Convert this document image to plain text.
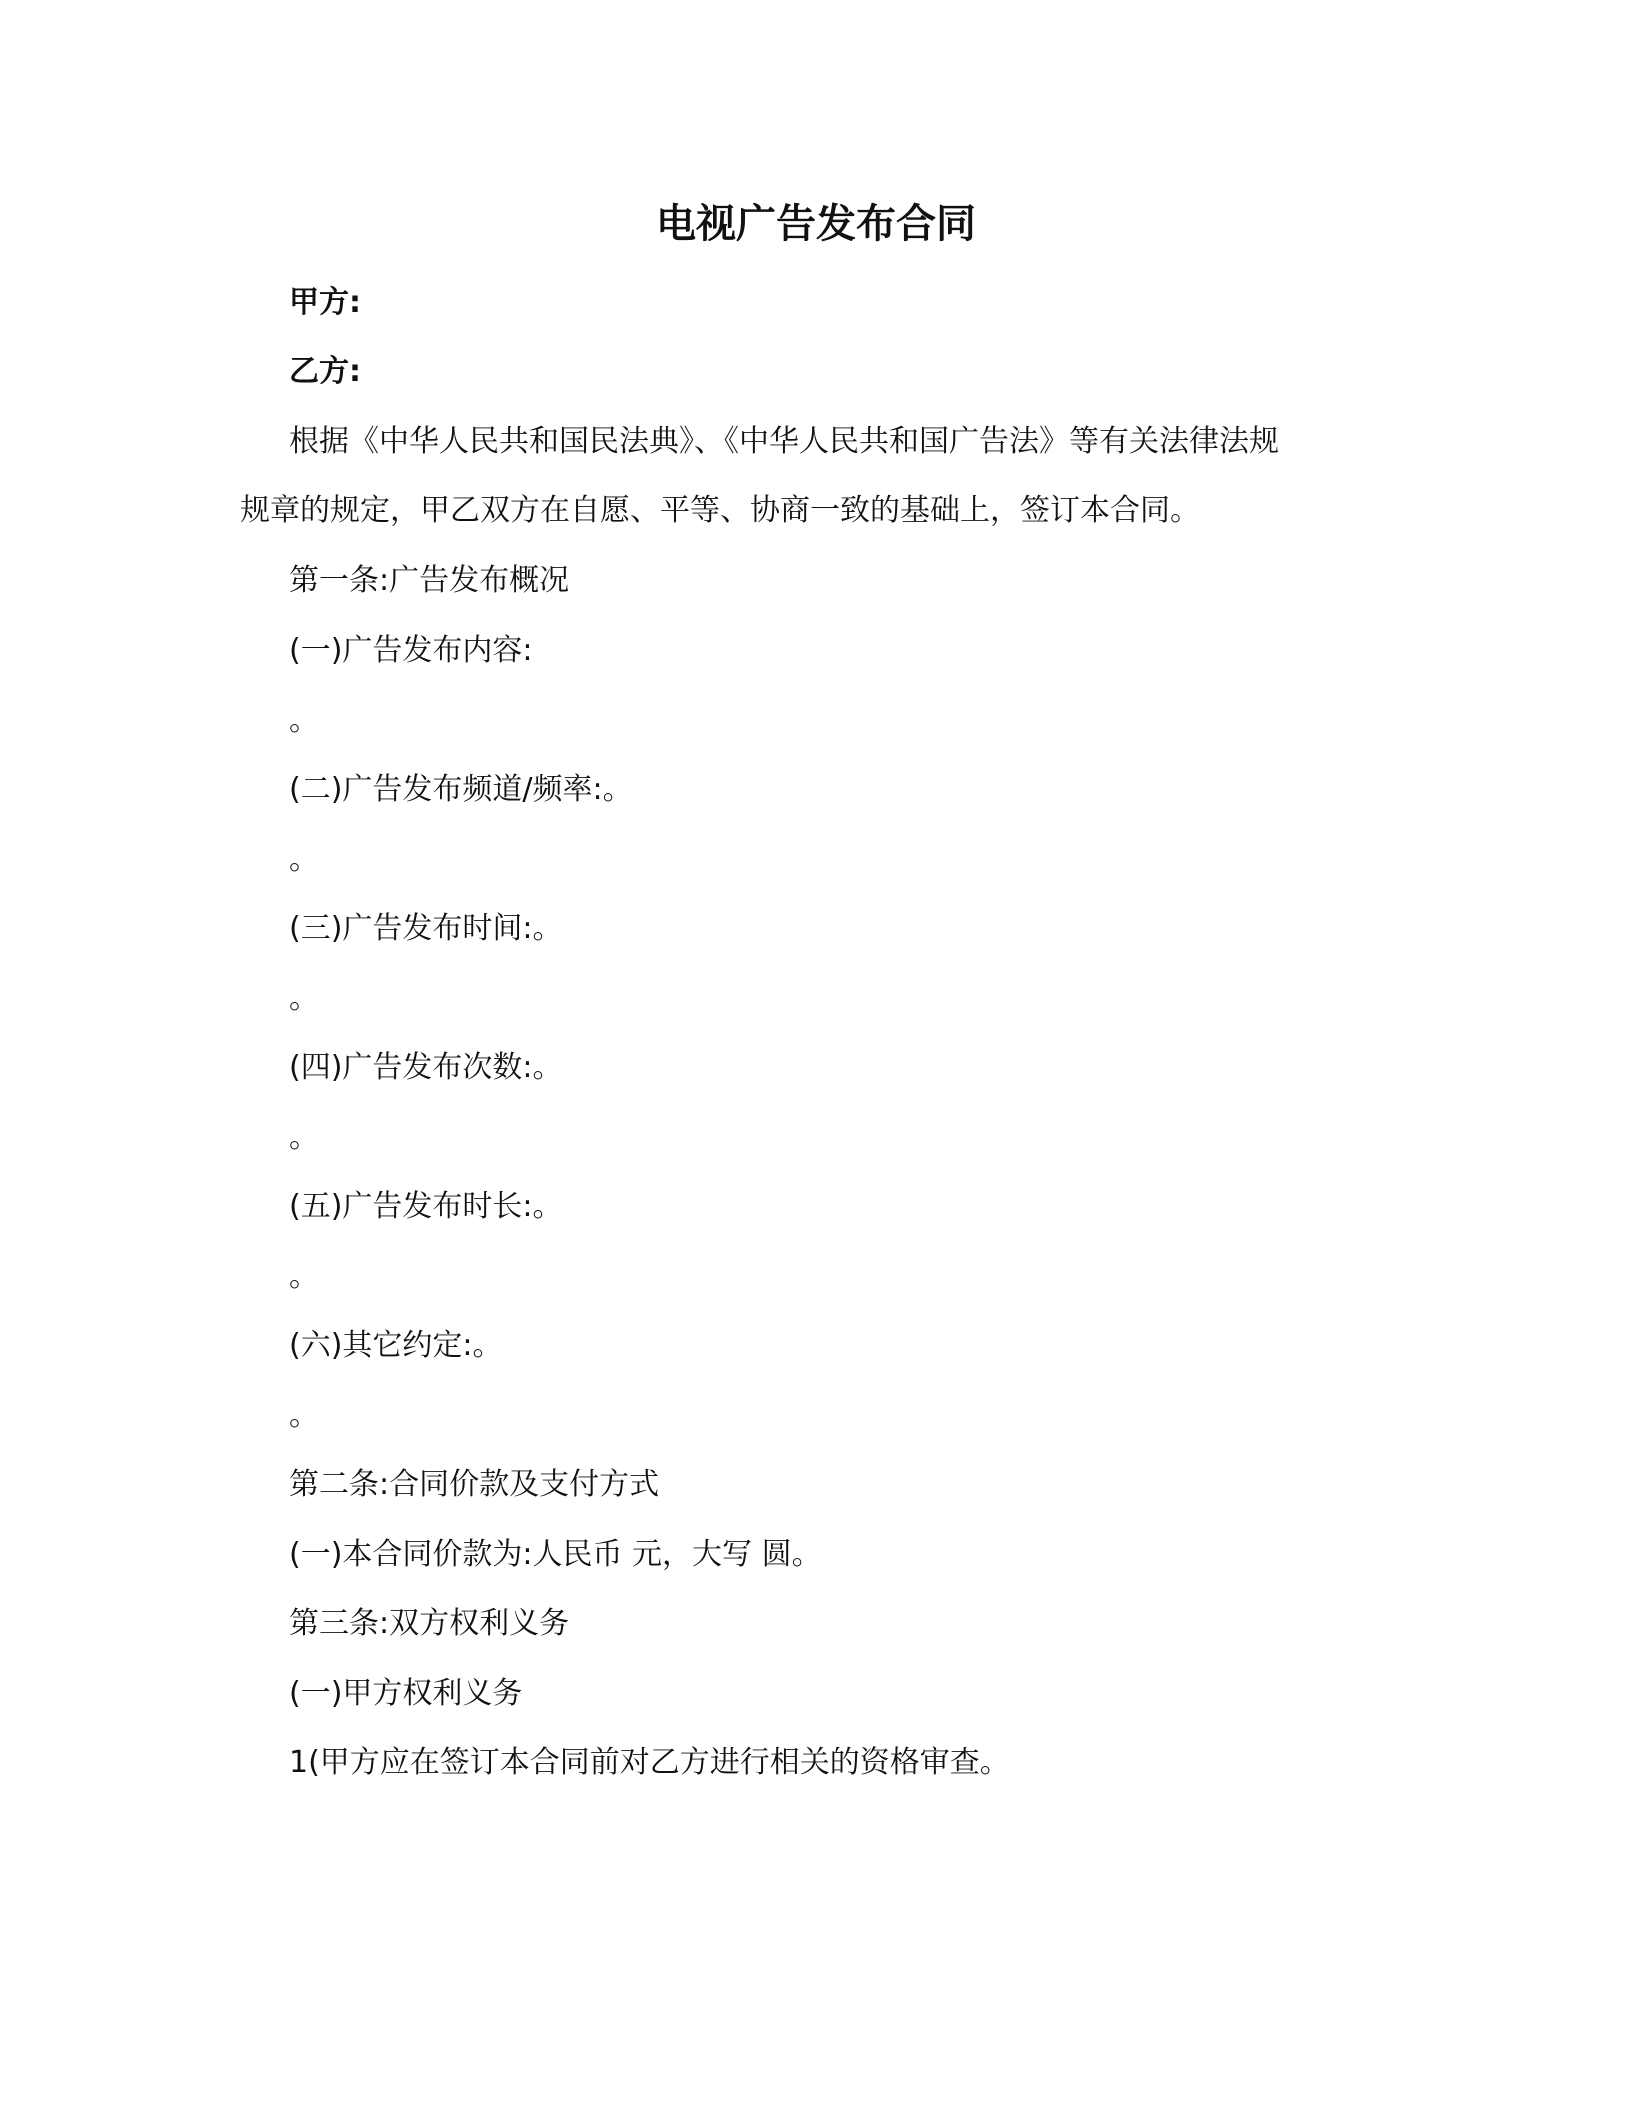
电视广告发布合同

甲方:

乙方:

根据《中华人民共和国民法典》、《中华人民共和国广告法》等有关法律法规

规章的规定，甲乙双方在自愿、平等、协商一致的基础上，签订本合同。

第一条:广告发布概况

(一)广告发布内容:

。

(二)广告发布频道/频率:。

。

(三)广告发布时间:。

。

(四)广告发布次数:。

。

(五)广告发布时长:。

。

(六)其它约定:。

。

第二条:合同价款及支付方式

(一)本合同价款为:人民币 元，大写 圆。

第三条:双方权利义务

(一)甲方权利义务

1(甲方应在签订本合同前对乙方进行相关的资格审查。
